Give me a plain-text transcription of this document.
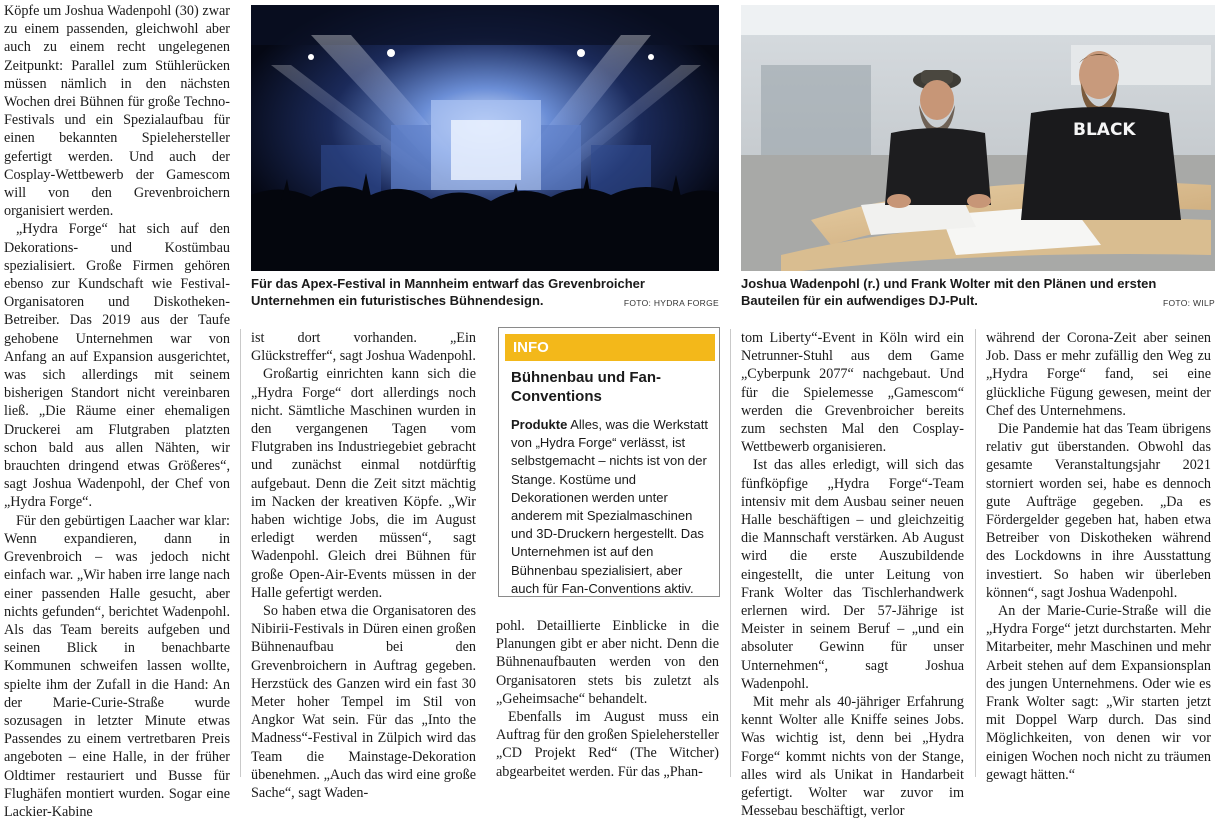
Köpfe um Joshua Wadenpohl (30) zwar zu einem passenden, gleichwohl aber auch zu einem recht ungelegenen Zeitpunkt: Parallel zum Stühlerücken müssen nämlich in den nächsten Wochen drei Bühnen für große Techno-Festivals und ein Spezialaufbau für einen bekannten Spielehersteller gefertigt werden. Und auch der Cosplay-Wettbewerb der Gamescom will von den Grevenbroichern organisiert werden.

„Hydra Forge“ hat sich auf den Dekorations- und Kostümbau spezialisiert. Große Firmen gehören ebenso zur Kundschaft wie Festival-Organisatoren und Diskotheken-Betreiber. Das 2019 aus der Taufe gehobene Unternehmen war von Anfang an auf Expansion ausgerichtet, was sich allerdings mit seinem bisherigen Standort nicht vereinbaren ließ. „Die Räume einer ehemaligen Druckerei am Flutgraben platzten schon bald aus allen Nähten, wir brauchten dringend etwas Größeres“, sagt Joshua Wadenpohl, der Chef von „Hydra Forge“.

Für den gebürtigen Laacher war klar: Wenn expandieren, dann in Grevenbroich – was jedoch nicht einfach war. „Wir haben irre lange nach einer passenden Halle gesucht, aber nichts gefunden“, berichtet Wadenpohl. Als das Team bereits aufgeben und seinen Blick in benachbarte Kommunen schweifen lassen wollte, spielte ihm der Zufall in die Hand: An der Marie-Curie-Straße wurde sozusagen in letzter Minute etwas Passendes zu einem vertretbaren Preis angeboten – eine Halle, in der früher Oldtimer restauriert und Busse für Flughäfen montiert wurden. Sogar eine Lackier-Kabine

Für das Apex-Festival in Mannheim entwarf das Grevenbroicher Unternehmen ein futuristisches Bühnendesign.	FOTO: HYDRA FORGE
BLACK
Joshua Wadenpohl (r.) und Frank Wolter mit den Plänen und ersten Bauteilen für ein aufwendiges DJ-Pult.	FOTO: WILP

ist dort vorhanden. „Ein Glückstreffer“, sagt Joshua Wadenpohl.

Großartig einrichten kann sich die „Hydra Forge“ dort allerdings noch nicht. Sämtliche Maschinen wurden in den vergangenen Tagen vom Flutgraben ins Industriegebiet gebracht und zunächst einmal notdürftig aufgebaut. Denn die Zeit sitzt mächtig im Nacken der kreativen Köpfe. „Wir haben wichtige Jobs, die im August erledigt werden müssen“, sagt Wadenpohl. Gleich drei Bühnen für große Open-Air-Events müssen in der Halle gefertigt werden.

So haben etwa die Organisatoren des Nibirii-Festivals in Düren einen großen Bühnenaufbau bei den Grevenbroichern in Auftrag gegeben. Herzstück des Ganzen wird ein fast 30 Meter hoher Tempel im Stil von Angkor Wat sein. Für das „Into the Madness“-Festival in Zülpich wird das Team die Mainstage-Dekoration übenehmen. „Auch das wird eine große Sache“, sagt Waden-

INFO
Bühnenbau und Fan-Conventions
Produkte Alles, was die Werkstatt von „Hydra Forge“ verlässt, ist selbstgemacht – nichts ist von der Stange. Kostüme und Dekorationen werden unter anderem mit Spezialmaschinen und 3D-Druckern hergestellt. Das Unternehmen ist auf den Bühnenbau spezialisiert, aber auch für Fan-Conventions aktiv.

pohl. Detaillierte Einblicke in die Planungen gibt er aber nicht. Denn die Bühnenaufbauten werden von den Organisatoren stets bis zuletzt als „Geheimsache“ behandelt.

Ebenfalls im August muss ein Auftrag für den großen Spielehersteller „CD Projekt Red“ (The Witcher) abgearbeitet werden. Für das „Phan-

tom Liberty“-Event in Köln wird ein Netrunner-Stuhl aus dem Game „Cyberpunk 2077“ nachgebaut. Und für die Spielemesse „Gamescom“ werden die Grevenbroicher bereits zum sechsten Mal den Cosplay-Wettbewerb organisieren.

Ist das alles erledigt, will sich das fünfköpfige „Hydra Forge“-Team intensiv mit dem Ausbau seiner neuen Halle beschäftigen – und gleichzeitig die Mannschaft verstärken. Ab August wird die erste Auszubildende eingestellt, die unter Leitung von Frank Wolter das Tischlerhandwerk erlernen wird. Der 57-Jährige ist Meister in seinem Beruf – „und ein absoluter Gewinn für unser Unternehmen“, sagt Joshua Wadenpohl.

Mit mehr als 40-jähriger Erfahrung kennt Wolter alle Kniffe seines Jobs. Was wichtig ist, denn bei „Hydra Forge“ kommt nichts von der Stange, alles wird als Unikat in Handarbeit gefertigt. Wolter war zuvor im Messebau beschäftigt, verlor

während der Corona-Zeit aber seinen Job. Dass er mehr zufällig den Weg zu „Hydra Forge“ fand, sei eine glückliche Fügung gewesen, meint der Chef des Unternehmens.

Die Pandemie hat das Team übrigens relativ gut überstanden. Obwohl das gesamte Veranstaltungsjahr 2021 storniert worden sei, habe es dennoch gute Aufträge gegeben. „Da es Fördergelder gegeben hat, haben etwa Betreiber von Diskotheken während des Lockdowns in ihre Ausstattung investiert. So haben wir überleben können“, sagt Joshua Wadenpohl.

An der Marie-Curie-Straße will die „Hydra Forge“ jetzt durchstarten. Mehr Mitarbeiter, mehr Maschinen und mehr Arbeit stehen auf dem Expansionsplan des jungen Unternehmens. Oder wie es Frank Wolter sagt: „Wir starten jetzt mit Doppel Warp durch. Das sind Möglichkeiten, von denen wir vor einigen Wochen noch nicht zu träumen gewagt hätten.“
